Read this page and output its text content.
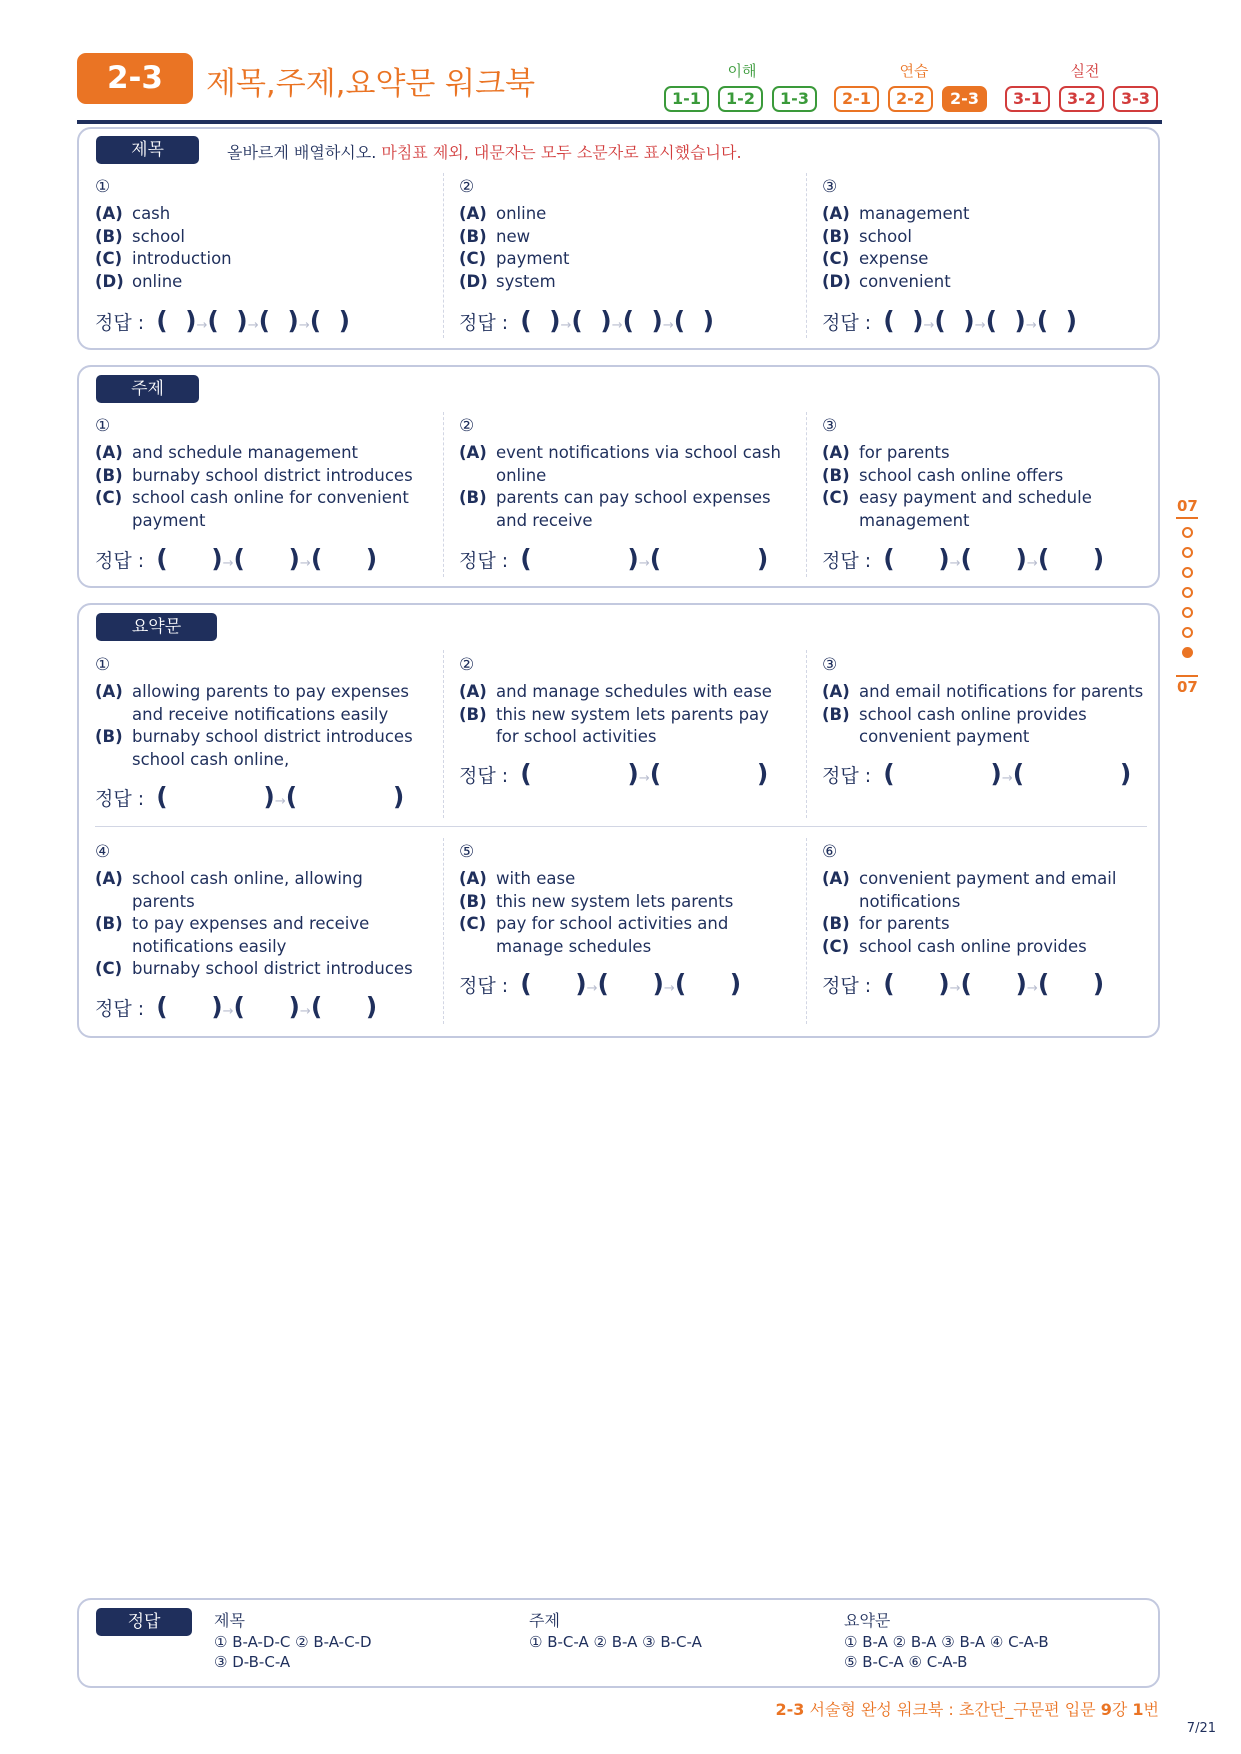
2-3	제목,주제,요약문 워크북	이해	연습	실전
1-1	1-2	1-3	2-1	2-2	2-3	3-1	3-2	3-3
제목	올바르게 배열하시오. 마침표 제외, 대문자는 모두 소문자로 표시했습니다.
①
(A) cash
(B) school
(C) introduction
(D) online
정답 : (  )→(  )→(  )→(  )
②
(A) online
(B) new
(C) payment
(D) system
정답 : (  )→(  )→(  )→(  )
③
(A) management
(B) school
(C) expense
(D) convenient
정답 : (  )→(  )→(  )→(  )
주제
①
(A) and schedule management
(B) burnaby school district introduces
(C) school cash online for convenient payment
정답 : (     )→(     )→(     )
②
(A) event notifications via school cash online
(B) parents can pay school expenses and receive
정답 : (           )→(           )
③
(A) for parents
(B) school cash online offers
(C) easy payment and schedule management
정답 : (     )→(     )→(     )
요약문
①
(A) allowing parents to pay expenses and receive notifications easily
(B) burnaby school district introduces school cash online,
정답 : (           )→(           )
②
(A) and manage schedules with ease
(B) this new system lets parents pay for school activities
정답 : (           )→(           )
③
(A) and email notifications for parents
(B) school cash online provides convenient payment
정답 : (           )→(           )
④
(A) school cash online, allowing parents
(B) to pay expenses and receive notifications easily
(C) burnaby school district introduces
정답 : (     )→(     )→(     )
⑤
(A) with ease
(B) this new system lets parents
(C) pay for school activities and manage schedules
정답 : (     )→(     )→(     )
⑥
(A) convenient payment and email notifications
(B) for parents
(C) school cash online provides
정답 : (     )→(     )→(     )
07
07
정답	제목
① B-A-D-C ② B-A-C-D
③ D-B-C-A
주제
① B-C-A ② B-A ③ B-C-A
요약문
① B-A ② B-A ③ B-A ④ C-A-B
⑤ B-C-A ⑥ C-A-B
2-3 서술형 완성 워크북 : 초간단_구문편 입문 9강 1번
7/21
